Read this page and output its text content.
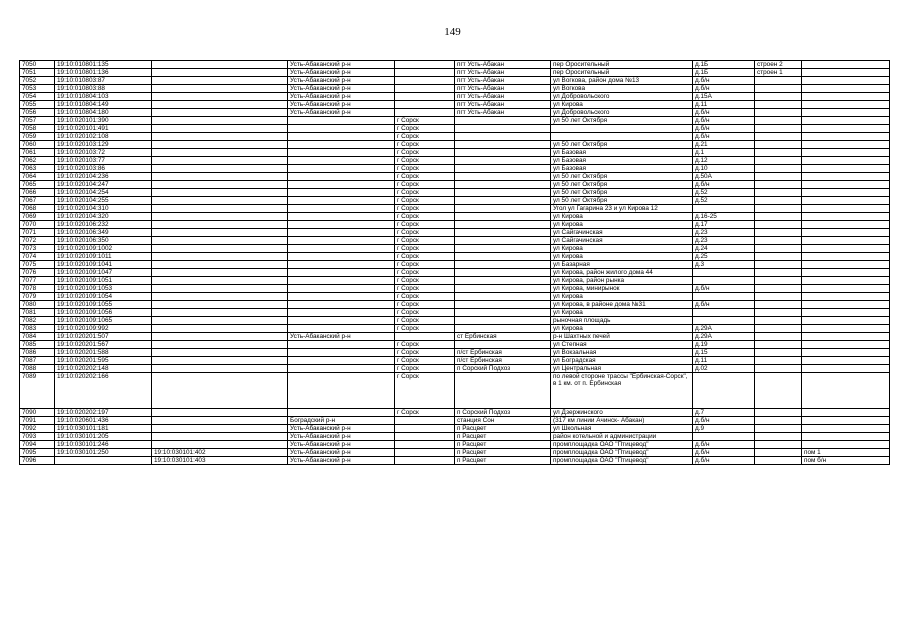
149
7050	19:10:010801:135		Усть-Абаканский р-н		пгт Усть-Абакан	пер Оросительный	д.1Б	строен 2	
7051	19:10:010801:136		Усть-Абаканский р-н		пгт Усть-Абакан	пер Оросительный	д.1Б	строен 1	
7052	19:10:010803:87		Усть-Абаканский р-н		пгт Усть-Абакан	ул Вoгкова, район дома №13	д.б/н		
7053	19:10:010803:88		Усть-Абаканский р-н		пгт Усть-Абакан	ул Вогкова	д.б/н		
7054	19:10:010804:103		Усть-Абаканский р-н		пгт Усть-Абакан	ул Добровольского	д.15А		
7055	19:10:010804:149		Усть-Абаканский р-н		пгт Усть-Абакан	ул Кирова	д.11		
7056	19:10:010804:180		Усть-Абаканский р-н		пгт Усть-Абакан	ул Добровольского	д.б/н		
7057	19:10:020101:390			г Сорск		ул 50 лет Октября	д.б/н		
7058	19:10:020101:491			г Сорск			д.б/н		
7059	19:10:020102:108			г Сорск			д.б/н		
7060	19:10:020103:129			г Сорск		ул 50 лет Октября	д.21		
7061	19:10:020103:72			г Сорск		ул Базовая	д.1		
7062	19:10:020103:77			г Сорск		ул Базовая	д.12		
7063	19:10:020103:86			г Сорск		ул Базовая	д.10		
7064	19:10:020104:236			г Сорск		ул 50 лет Октября	д.50А		
7065	19:10:020104:247			г Сорск		ул 50 лет Октября	д.б/н		
7066	19:10:020104:254			г Сорск		ул 50 лет Октября	д.52		
7067	19:10:020104:255			г Сорск		ул 50 лет Октября	д.52		
7068	19:10:020104:310			г Сорск		Угол ул Гагарина 23 и ул Кирова 12			
7069	19:10:020104:320			г Сорск		ул Кирова	д.16-25		
7070	19:10:020106:232			г Сорск		ул Кирова	д.17		
7071	19:10:020106:349			г Сорск		ул Сайгачинская	д.23		
7072	19:10:020106:350			г Сорск		ул Сайгачинская	д.23		
7073	19:10:020109:1002			г Сорск		ул Кирова	д.24		
7074	19:10:020109:1011			г Сорск		ул Кирова	д.25		
7075	19:10:020109:1041			г Сорск		ул Базарная	д.3		
7076	19:10:020109:1047			г Сорск		ул Кирова, район жилого дома 44			
7077	19:10:020109:1051			г Сорск		ул Кирова, район рынка			
7078	19:10:020109:1053			г Сорск		ул Кирова, минирынок	д.б/н		
7079	19:10:020109:1054			г Сорск		ул Кирова			
7080	19:10:020109:1055			г Сорск		ул Кирова, в районе дома №31	д.б/н		
7081	19:10:020109:1056			г Сорск		ул Кирова			
7082	19:10:020109:1065			г Сорск		рыночная площадь			
7083	19:10:020109:992			г Сорск		ул Кирова	д.29А		
7084	19:10:020201:507		Усть-Абаканский р-н		ст Ербинская	р-н Шахтных печей	д.29А		
7085	19:10:020201:567			г Сорск		ул Степная	д.19		
7086	19:10:020201:588			г Сорск	п/ст Ербинская	ул Вокзальная	д.15		
7087	19:10:020201:595			г Сорск	п/ст Ербинская	ул Боградская	д.11		
7088	19:10:020202:148			г Сорск	п Сорский Подхоз	ул Центральная	д.02		
7089	19:10:020202:166			г Сорск		по левой стороне трассы "Ербинская-Сорск", в 1 км. от п. Ербинская			
7090	19:10:020202:197			г Сорск	п Сорский Подхоз	ул Дзержинского	д.7		
7091	19:10:020601:436		Боградский р-н		станция Сон	(317 км линии Ачинск- Абакан)	д.б/н		
7092	19:10:030101:181		Усть-Абаканский р-н		п Расцвет	ул Школьная	д.9		
7093	19:10:030101:205		Усть-Абаканский р-н		п Расцвет	район котельной и администрации			
7094	19:10:030101:246		Усть-Абаканский р-н		п Расцвет	промплощадка ОАО "Птицевод"	д.б/н		
7095	19:10:030101:250	19:10:030101:402	Усть-Абаканский р-н		п Расцвет	промплощадка ОАО "Птицевод"	д.б/н		пом 1
7096		19:10:030101:403	Усть-Абаканский р-н		п Расцвет	промплощадка ОАО "Птицевод"	д.б/н		пом б/н
